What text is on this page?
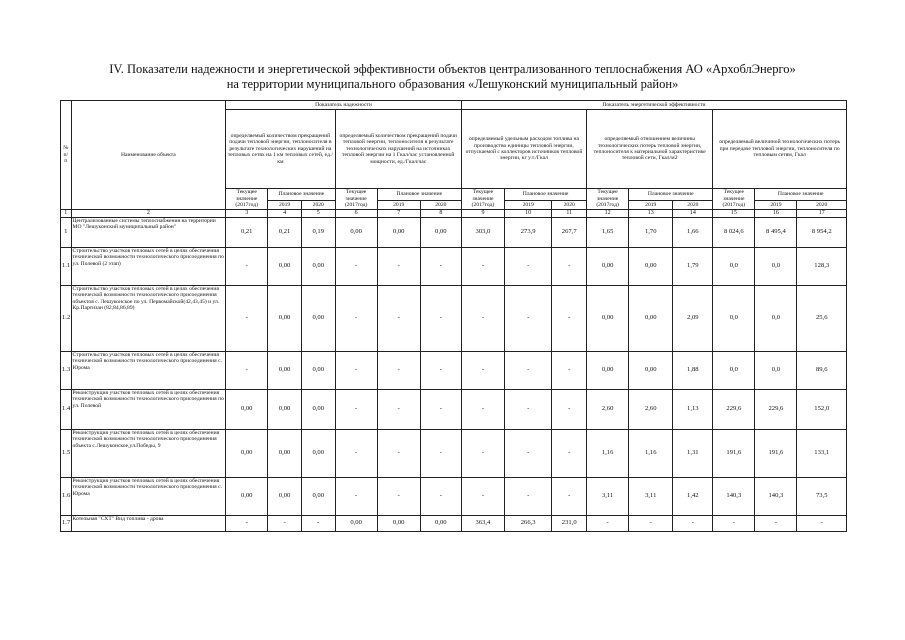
IV. Показатели надежности и энергетической эффективности объектов централизованного теплоснабжения АО «АрхоблЭнерго»
на территории муниципального образования «Лешуконский муниципальный район»
№ п/п	Наименование объекта	Показатель надежности						Показатель энергетической эффективности								
		определяемый количеством прекращений подачи тепловой энергии, теплоносителя в результате технологических нарушений на тепловых сетях на 1 км тепловых сетей, ед./км			определяемый количеством прекращений подачи тепловой энергии, теплоносителя в результате технологических нарушений на источниках тепловой энергии на 1 Гкал/час установленной мощности, ед./Гкал/час			определяемый удельным расходом топлива на производство единицы тепловой энергии, отпускаемой с коллекторов источников тепловой энергии, кг у.т./Гкал			определяемый отношением величины технологических потерь тепловой энергии, теплоносителя к материальной характеристике тепловой сети, Гкал/м2			определяемый величиной технологических потерь при передаче тепловой энергии, теплоносителя по тепловым сетям, Гкал		
		Текущее значение (2017год)	Плановое значение		Текущее значение (2017год)	Плановое значение		Текущее значение (2017год)	Плановое значение		Текущее значение (2017год)	Плановое значение		Текущее значение (2017год)	Плановое значение	
			2019	2020		2019	2020		2019	2020		2019	2020		2019	2020
1	2	3	4	5	6	7	8	9	10	11	12	13	14	15	16	17
1	Централизованные системы теплоснабжения на территории МО "Лешуконский муниципальный район"	0,21	0,21	0,19	0,00	0,00	0,00	303,0	273,9	267,7	1,65	1,70	1,66	8 024,6	8 495,4	8 954,2
1.1	Строительство участков тепловых сетей в целях обеспечения технической возможности технологического присоединения по ул. Полевой (2 этап)	-	0,00	0,00	-	-	-	-	-	-	0,00	0,00	1,79	0,0	0,0	128,3
1.2	Строительство участков тепловых сетей в целях обеспечения технической возможности технологического присоединения объектов с. Лешуконское по ул. Первомайской(42,43,45) и ул. Кр.Партизан (82,84,86,89)	-	0,00	0,00	-	-	-	-	-	-	0,00	0,00	2,09	0,0	0,0	25,6
1.3	Строительство участков тепловых сетей в целях обеспечения технической возможности технологического присоединения с. Юрома	-	0,00	0,00	-	-	-	-	-	-	0,00	0,00	1,88	0,0	0,0	89,6
1.4	Реконструкция участков тепловых сетей в целях обеспечения технической возможности технологического присоединения по ул. Полевой	0,00	0,00	0,00	-	-	-	-	-	-	2,60	2,60	1,13	229,6	229,6	152,0
1.5	Реконструкция участков тепловых сетей в целях обеспечения технической возможности технологического присоединения объекта с.Лешуконское,ул.Победы, 9	0,00	0,00	0,00	-	-	-	-	-	-	1,16	1,16	1,31	191,6	191,6	133,1
1.6	Реконструкция участков тепловых сетей в целях обеспечения технической возможности технологического присоединения с. Юрома	0,00	0,00	0,00	-	-	-	-	-	-	3,11	3,11	1,42	140,3	140,3	73,5
1.7	Котельная "СХТ" Вид топлива - дрова	-	-	-	0,00	0,00	0,00	363,4	266,3	231,0	-	-	-	-	-	-
